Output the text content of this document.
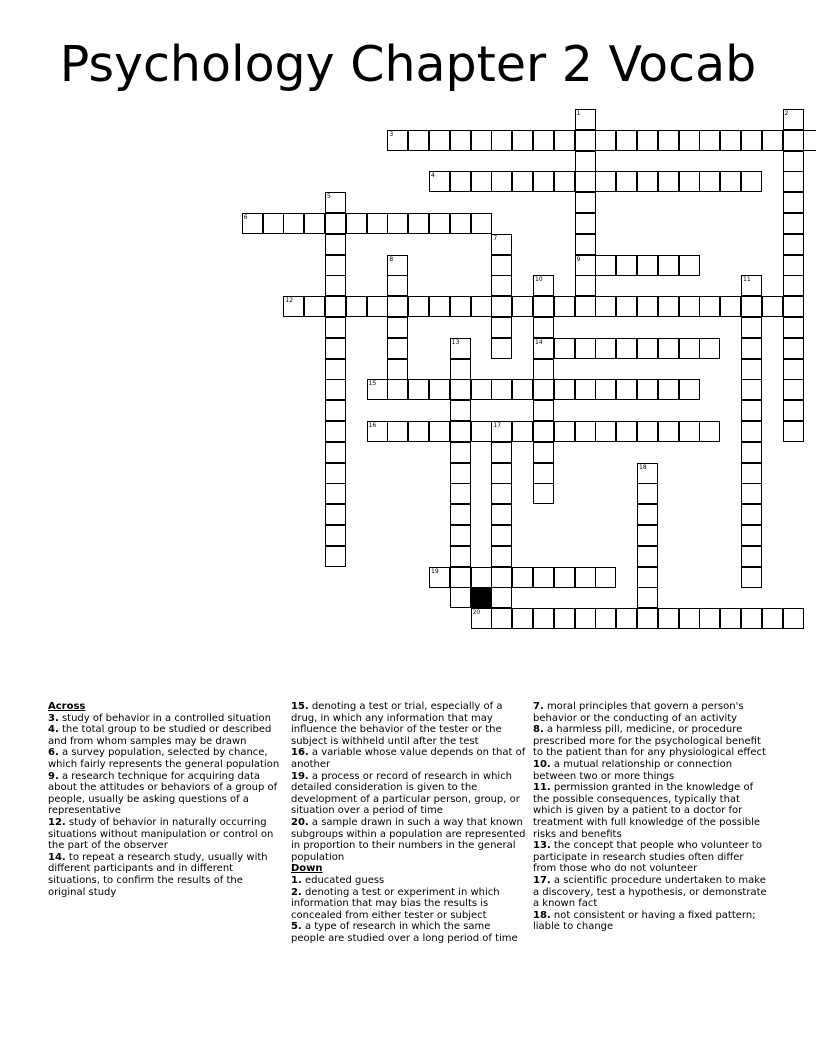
Psychology Chapter 2 Vocab
1
9
2
3
4
5
6
7
8
10
14
11
12
13
15
16	17
18
19
20
Across

3. study of behavior in a controlled situation

4. the total group to be studied or described and from whom samples may be drawn

6. a survey population, selected by chance, which fairly represents the general population

9. a research technique for acquiring data about the attitudes or behaviors of a group of people, usually be asking questions of a representative

12. study of behavior in naturally occurring situations without manipulation or control on the part of the observer

14. to repeat a research study, usually with different participants and in different situations, to confirm the results of the original study

15. denoting a test or trial, especially of a drug, in which any information that may influence the behavior of the tester or the subject is withheld until after the test

16. a variable whose value depends on that of another

19. a process or record of research in which detailed consideration is given to the development of a particular person, group, or situation over a period of time

20. a sample drawn in such a way that known subgroups within a population are represented in proportion to their numbers in the general population

Down

1. educated guess

2. denoting a test or experiment in which information that may bias the results is concealed from either tester or subject

5. a type of research in which the same people are studied over a long period of time

7. moral principles that govern a person's behavior or the conducting of an activity

8. a harmless pill, medicine, or procedure prescribed more for the psychological benefit to the patient than for any physiological effect

10. a mutual relationship or connection between two or more things

11. permission granted in the knowledge of the possible consequences, typically that which is given by a patient to a doctor for treatment with full knowledge of the possible risks and benefits

13. the concept that people who volunteer to participate in research studies often differ from those who do not volunteer

17. a scientific procedure undertaken to make a discovery, test a hypothesis, or demonstrate a known fact

18. not consistent or having a fixed pattern; liable to change
